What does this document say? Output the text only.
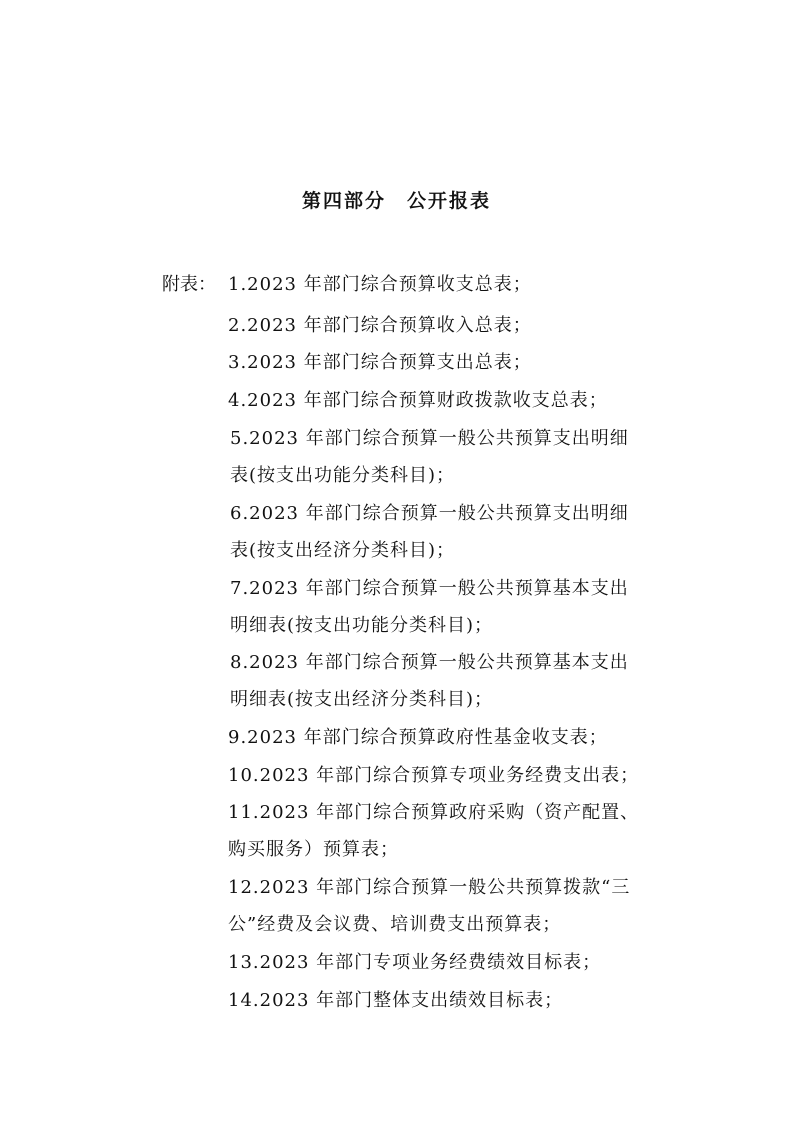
第四部分　公开报表
附表： 1.2023 年部门综合预算收支总表；
2.2023 年部门综合预算收入总表；
3.2023 年部门综合预算支出总表；
4.2023 年部门综合预算财政拨款收支总表；
5.2023 年部门综合预算一般公共预算支出明细
表(按支出功能分类科目)；
6.2023 年部门综合预算一般公共预算支出明细
表(按支出经济分类科目)；
7.2023 年部门综合预算一般公共预算基本支出
明细表(按支出功能分类科目)；
8.2023 年部门综合预算一般公共预算基本支出
明细表(按支出经济分类科目)；
9.2023 年部门综合预算政府性基金收支表；
10.2023 年部门综合预算专项业务经费支出表；
11.2023 年部门综合预算政府采购（资产配置、
购买服务）预算表；
12.2023 年部门综合预算一般公共预算拨款“三
公”经费及会议费、培训费支出预算表；
13.2023 年部门专项业务经费绩效目标表；
14.2023 年部门整体支出绩效目标表；
